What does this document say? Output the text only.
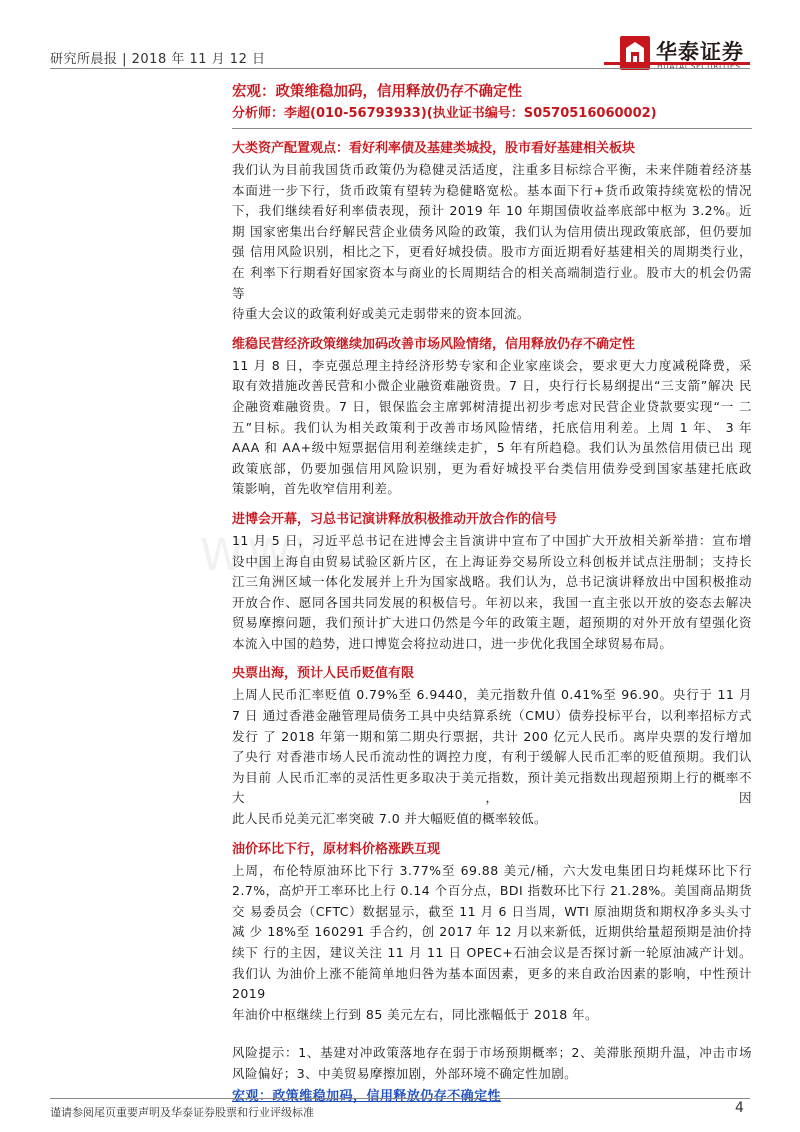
研究所晨报 | 2018 年 11 月 12 日	华泰证券
HUATAI SECURITIES
WWW
宏观：政策维稳加码，信用释放仍存不确定性
分析师：李超(010-56793933)(执业证书编号：S0570516060002)
大类资产配置观点：看好利率债及基建类城投，股市看好基建相关板块
我们认为目前我国货币政策仍为稳健灵活适度，注重多目标综合平衡，未来伴随着经济基 本面进一步下行，货币政策有望转为稳健略宽松。基本面下行+货币政策持续宽松的情况 下，我们继续看好利率债表现，预计 2019 年 10 年期国债收益率底部中枢为 3.2%。近期 国家密集出台纾解民营企业债务风险的政策，我们认为信用债出现政策底部，但仍要加强 信用风险识别，相比之下，更看好城投债。股市方面近期看好基建相关的周期类行业，在 利率下行期看好国家资本与商业的长周期结合的相关高端制造行业。股市大的机会仍需等
待重大会议的政策利好或美元走弱带来的资本回流。
维稳民营经济政策继续加码改善市场风险情绪，信用释放仍存不确定性
11 月 8 日，李克强总理主持经济形势专家和企业家座谈会，要求更大力度减税降费，采 取有效措施改善民营和小微企业融资难融资贵。7 日，央行行长易纲提出“三支箭”解决 民企融资难融资贵。7 日，银保监会主席郭树清提出初步考虑对民营企业贷款要实现“一 二五”目标。我们认为相关政策利于改善市场风险情绪，托底信用利差。上周 1 年、 3 年 AAA 和 AA+级中短票据信用利差继续走扩，5 年有所趋稳。我们认为虽然信用债已出 现政策底部，仍要加强信用风险识别，更为看好城投平台类信用债券受到国家基建托底政
策影响，首先收窄信用利差。
进博会开幕，习总书记演讲释放积极推动开放合作的信号
11 月 5 日，习近平总书记在进博会主旨演讲中宣布了中国扩大开放相关新举措：宣布增 设中国上海自由贸易试验区新片区，在上海证券交易所设立科创板并试点注册制；支持长 江三角洲区域一体化发展并上升为国家战略。我们认为，总书记演讲释放出中国积极推动 开放合作、愿同各国共同发展的积极信号。年初以来，我国一直主张以开放的姿态去解决 贸易摩擦问题，我们预计扩大进口仍然是今年的政策主题，超预期的对外开放有望强化资
本流入中国的趋势，进口博览会将拉动进口，进一步优化我国全球贸易布局。
央票出海，预计人民币贬值有限
上周人民币汇率贬值 0.79%至 6.9440，美元指数升值 0.41%至 96.90。央行于 11 月 7 日 通过香港金融管理局债务工具中央结算系统（CMU）债券投标平台，以利率招标方式发行 了 2018 年第一期和第二期央行票据，共计 200 亿元人民币。离岸央票的发行增加了央行 对香港市场人民币流动性的调控力度，有利于缓解人民币汇率的贬值预期。我们认为目前 人民币汇率的灵活性更多取决于美元指数，预计美元指数出现超预期上行的概率不大，因
此人民币兑美元汇率突破 7.0 并大幅贬值的概率较低。
油价环比下行，原材料价格涨跌互现
上周，布伦特原油环比下行 3.77%至 69.88 美元/桶，六大发电集团日均耗煤环比下行 2.7%，高炉开工率环比上行 0.14 个百分点，BDI 指数环比下行 21.28%。美国商品期货交 易委员会（CFTC）数据显示，截至 11 月 6 日当周，WTI 原油期货和期权净多头头寸减 少 18%至 160291 手合约，创 2017 年 12 月以来新低，近期供给量超预期是油价持续下 行的主因，建议关注 11 月 11 日 OPEC+石油会议是否探讨新一轮原油减产计划。我们认 为油价上涨不能简单地归咎为基本面因素，更多的来自政治因素的影响，中性预计 2019
年油价中枢继续上行到 85 美元左右，同比涨幅低于 2018 年。
风险提示：1、基建对冲政策落地存在弱于市场预期概率；2、美滞胀预期升温，冲击市场
风险偏好；3、中美贸易摩擦加剧，外部环境不确定性加剧。
宏观：政策维稳加码，信用释放仍存不确定性
谨请参阅尾页重要声明及华泰证券股票和行业评级标准	4
